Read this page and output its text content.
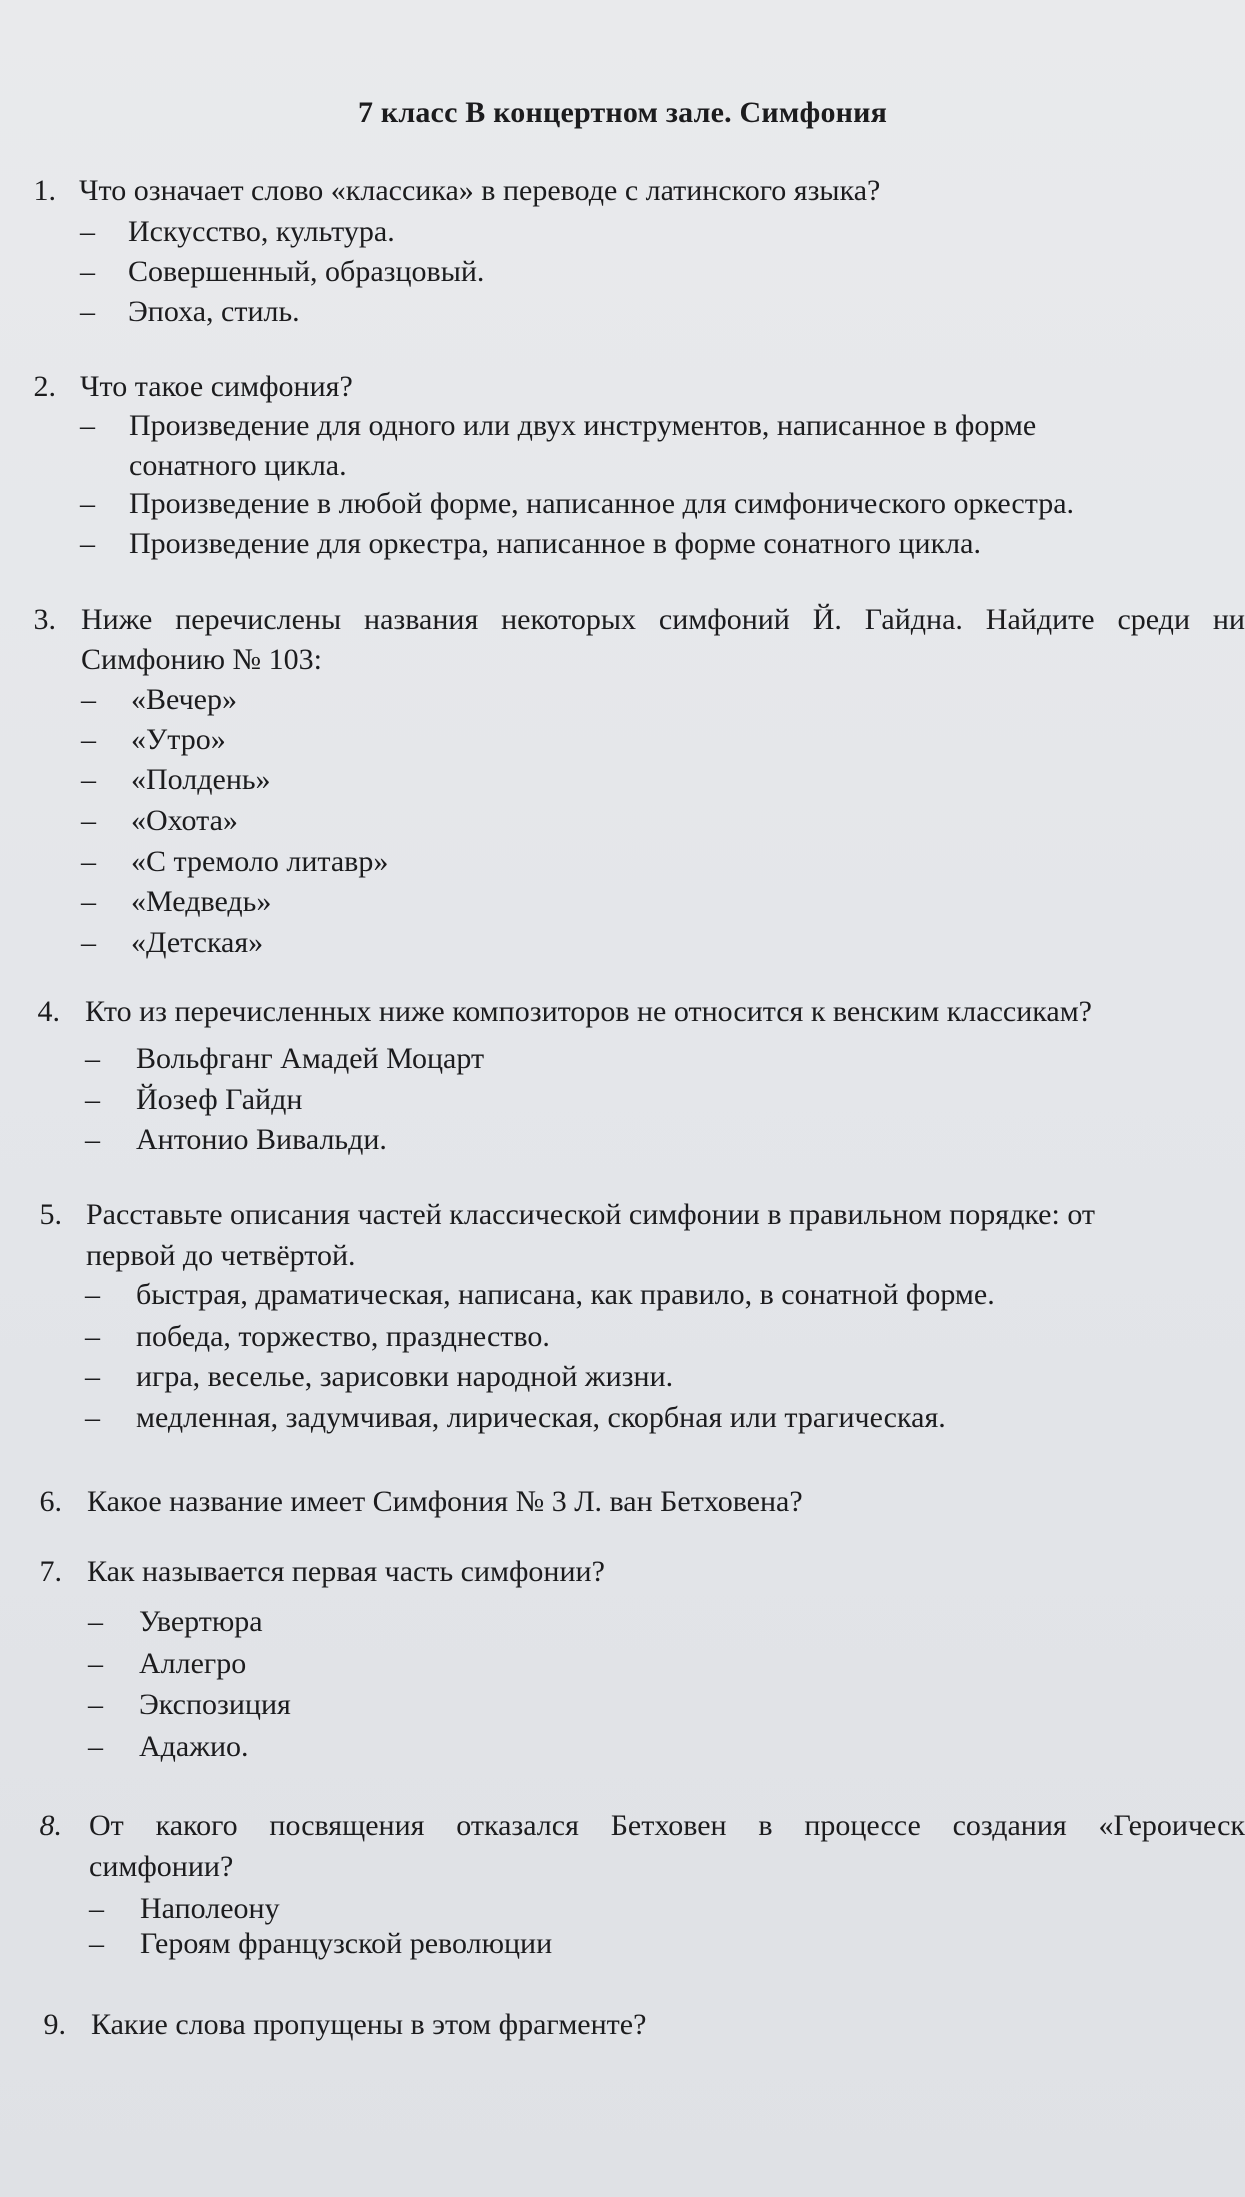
7 класс В концертном зале. Симфония
1. Что означает слово «классика» в переводе с латинского языка?
– Искусство, культура.
– Совершенный, образцовый.
– Эпоха, стиль.
2. Что такое симфония?
– Произведение для одного или двух инструментов, написанное в форме
сонатного цикла.
– Произведение в любой форме, написанное для симфонического оркестра.
– Произведение для оркестра, написанное в форме сонатного цикла.
3. Ниже перечислены названия некоторых симфоний Й. Гайдна. Найдите среди ни
Симфонию № 103:
– «Вечер»
– «Утро»
– «Полдень»
– «Охота»
– «С тремоло литавр»
– «Медведь»
– «Детская»
4. Кто из перечисленных ниже композиторов не относится к венским классикам?
– Вольфганг Амадей Моцарт
– Йозеф Гайдн
– Антонио Вивальди.
5. Расставьте описания частей классической симфонии в правильном порядке: от
первой до четвёртой.
– быстрая, драматическая, написана, как правило, в сонатной форме.
– победа, торжество, празднество.
– игра, веселье, зарисовки народной жизни.
– медленная, задумчивая, лирическая, скорбная или трагическая.
6. Какое название имеет Симфония № 3 Л. ван Бетховена?
7. Как называется первая часть симфонии?
– Увертюра
– Аллегро
– Экспозиция
– Адажио.
8. От какого посвящения отказался Бетховен в процессе создания «Героическ
симфонии?
– Наполеону
– Героям французской революции
9. Какие слова пропущены в этом фрагменте?
